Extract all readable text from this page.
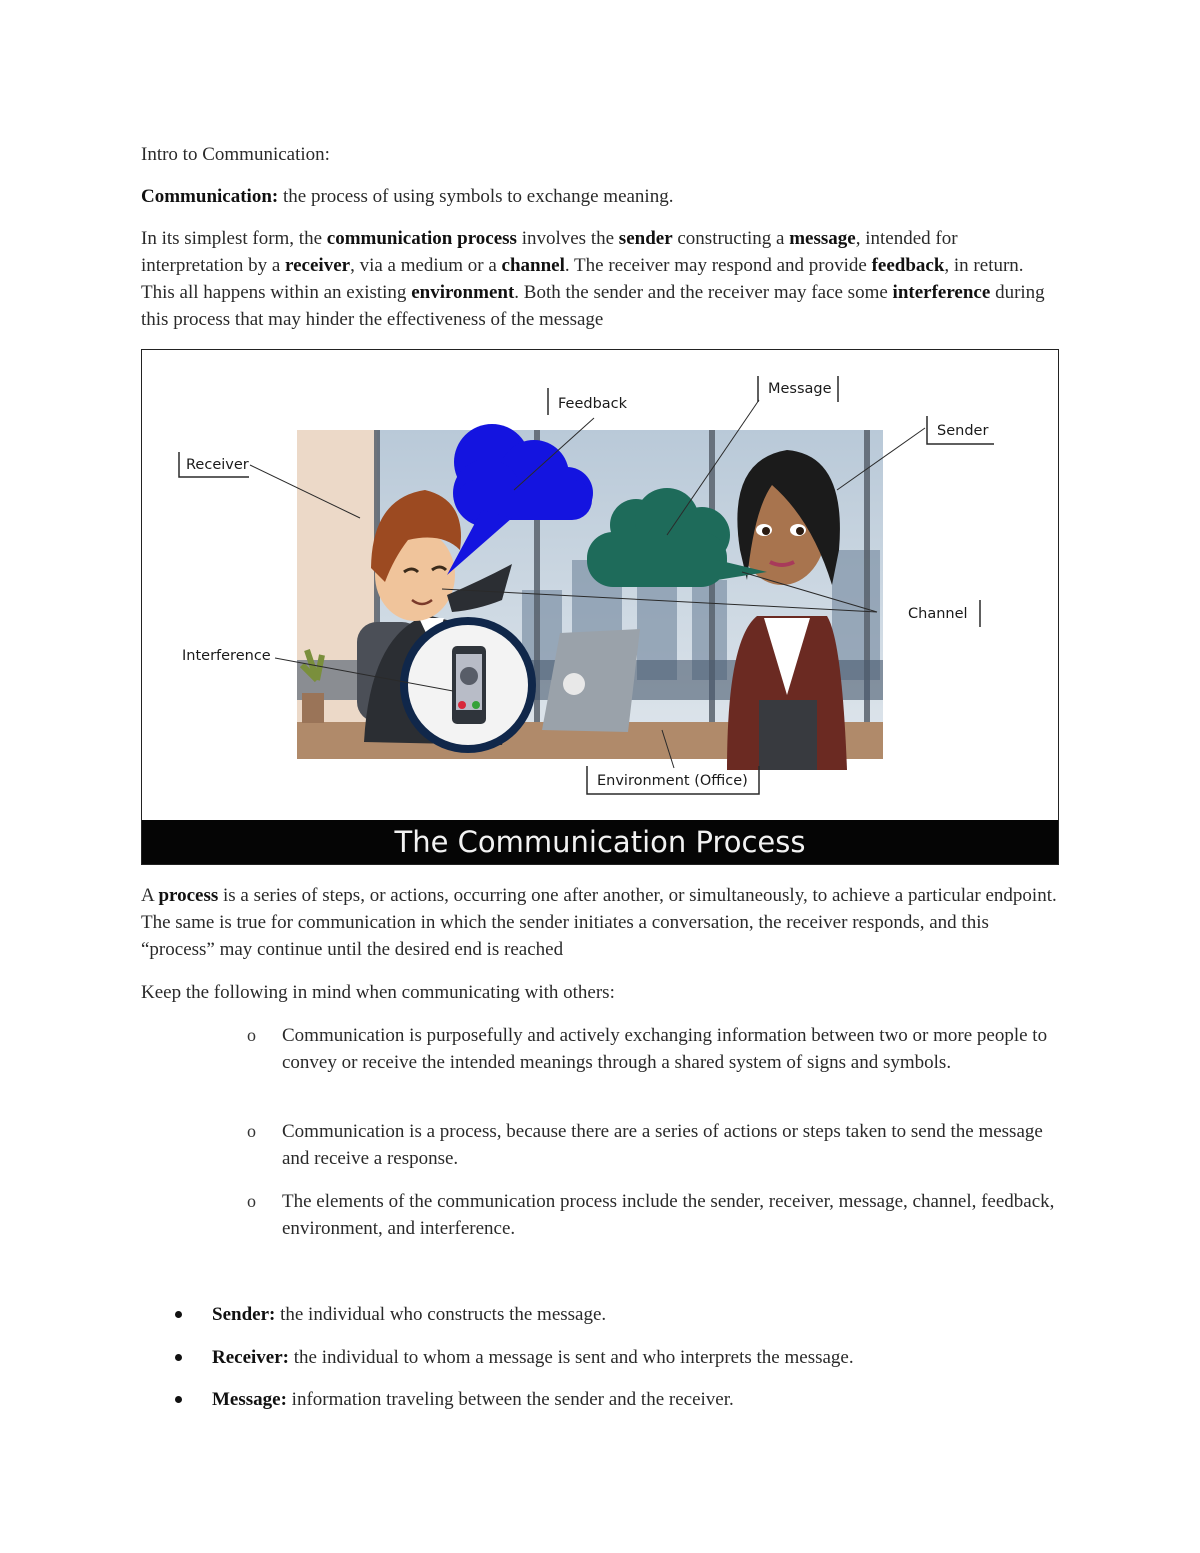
Intro to Communication:

Communication: the process of using symbols to exchange meaning.

In its simplest form, the communication process involves the sender constructing a message, intended for interpretation by a receiver, via a medium or a channel. The receiver may respond and provide feedback, in return. This all happens within an existing environment. Both the sender and the receiver may face some interference during this process that may hinder the effectiveness of the message

Feedback
Message
Sender
Receiver
Channel
Interference
Environment (Office)
The Communication Process

A process is a series of steps, or actions, occurring one after another, or simultaneously, to achieve a particular endpoint. The same is true for communication in which the sender initiates a conversation, the receiver responds, and this “process” may continue until the desired end is reached

Keep the following in mind when communicating with others:

o Communication is purposefully and actively exchanging information between two or more people to convey or receive the intended meanings through a shared system of signs and symbols.

o Communication is a process, because there are a series of actions or steps taken to send the message and receive a response.

o The elements of the communication process include the sender, receiver, message, channel, feedback, environment, and interference.

Sender: the individual who constructs the message.

Receiver: the individual to whom a message is sent and who interprets the message.

Message: information traveling between the sender and the receiver.
